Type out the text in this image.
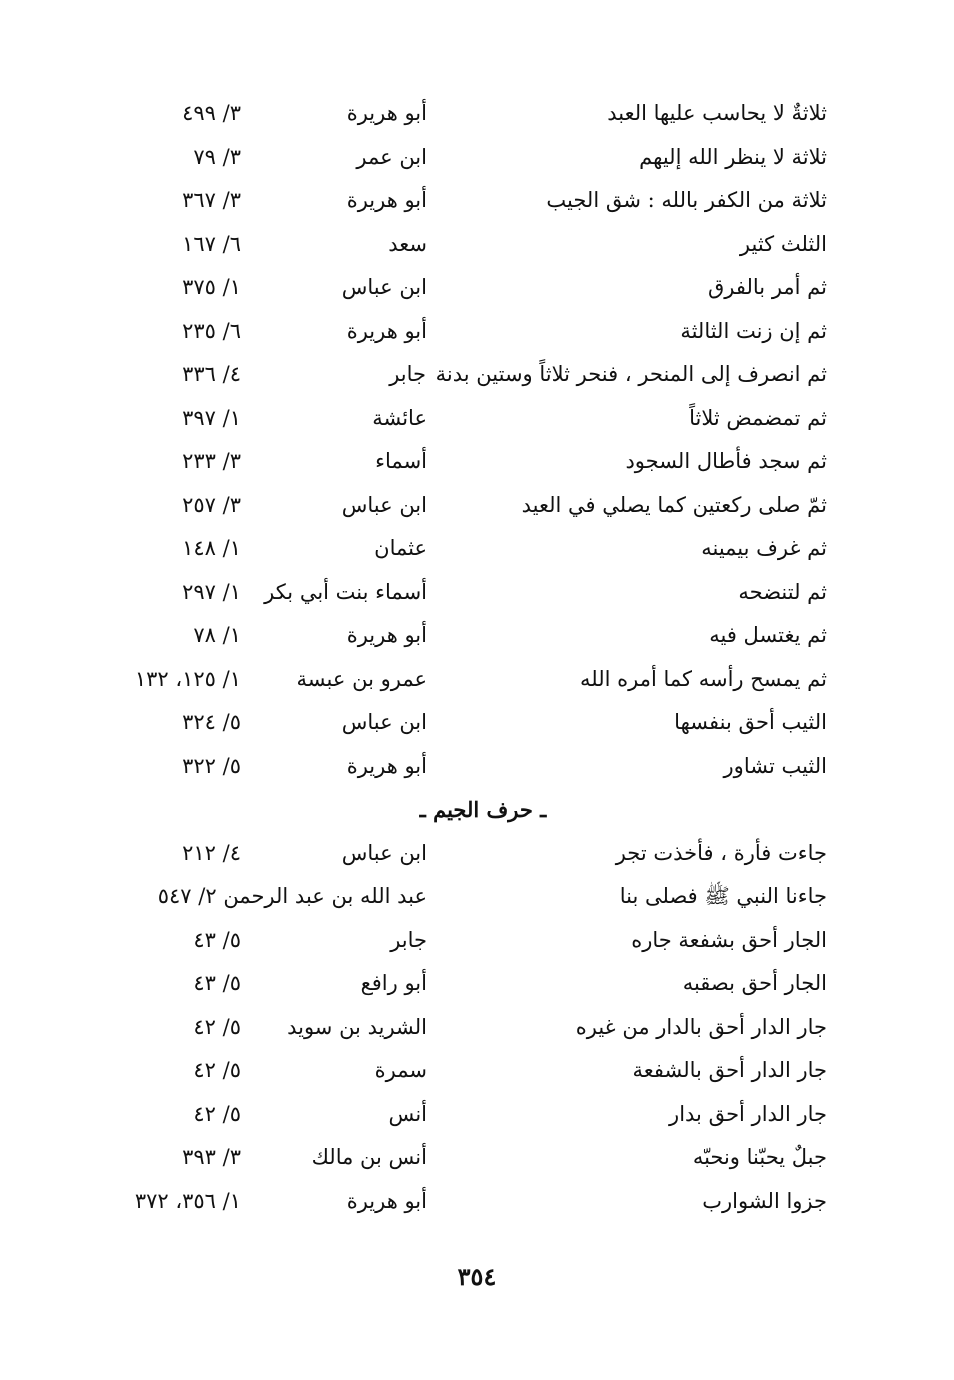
ثلاثةٌ لا يحاسب عليها العبد
أبو هريرة
٣/ ٤٩٩
ثلاثة لا ينظر الله إليهم
ابن عمر
٣/ ٧٩
ثلاثة من الكفر بالله : شق الجيب
أبو هريرة
٣/ ٣٦٧
الثلث كثير
سعد
٦/ ١٦٧
ثم أمر بالفرق
ابن عباس
١/ ٣٧٥
ثم إن زنت الثالثة
أبو هريرة
٦/ ٢٣٥
ثم انصرف إلى المنحر ، فنحر ثلاثاً وستين بدنة
جابر
٤/ ٣٣٦
ثم تمضمض ثلاثاً
عائشة
١/ ٣٩٧
ثم سجد فأطال السجود
أسماء
٣/ ٢٣٣
ثمّ صلى ركعتين كما يصلي في العيد
ابن عباس
٣/ ٢٥٧
ثم غرف بيمينه
عثمان
١/ ١٤٨
ثم لتنضحه
أسماء بنت أبي بكر
١/ ٢٩٧
ثم يغتسل فيه
أبو هريرة
١/ ٧٨
ثم يمسح رأسه كما أمره الله
عمرو بن عبسة
١/ ١٢٥، ١٣٢
الثيب أحق بنفسها
ابن عباس
٥/ ٣٢٤
الثيب تشاور
أبو هريرة
٥/ ٣٢٢
ـ حرف الجيم ـ
جاءت فأرة ، فأخذت تجر
ابن عباس
٤/ ٢١٢
جاءنا النبي ﷺ فصلى بنا
عبد الله بن عبد الرحمن ٢/ ٥٤٧
الجار أحق بشفعة جاره
جابر
٥/ ٤٣
الجار أحق بصقبه
أبو رافع
٥/ ٤٣
جار الدار أحق بالدار من غيره
الشريد بن سويد
٥/ ٤٢
جار الدار أحق بالشفعة
سمرة
٥/ ٤٢
جار الدار أحق بدار
أنس
٥/ ٤٢
جبلٌ يحبّنا ونحبّه
أنس بن مالك
٣/ ٣٩٣
جزوا الشوارب
أبو هريرة
١/ ٣٥٦، ٣٧٢
٣٥٤
